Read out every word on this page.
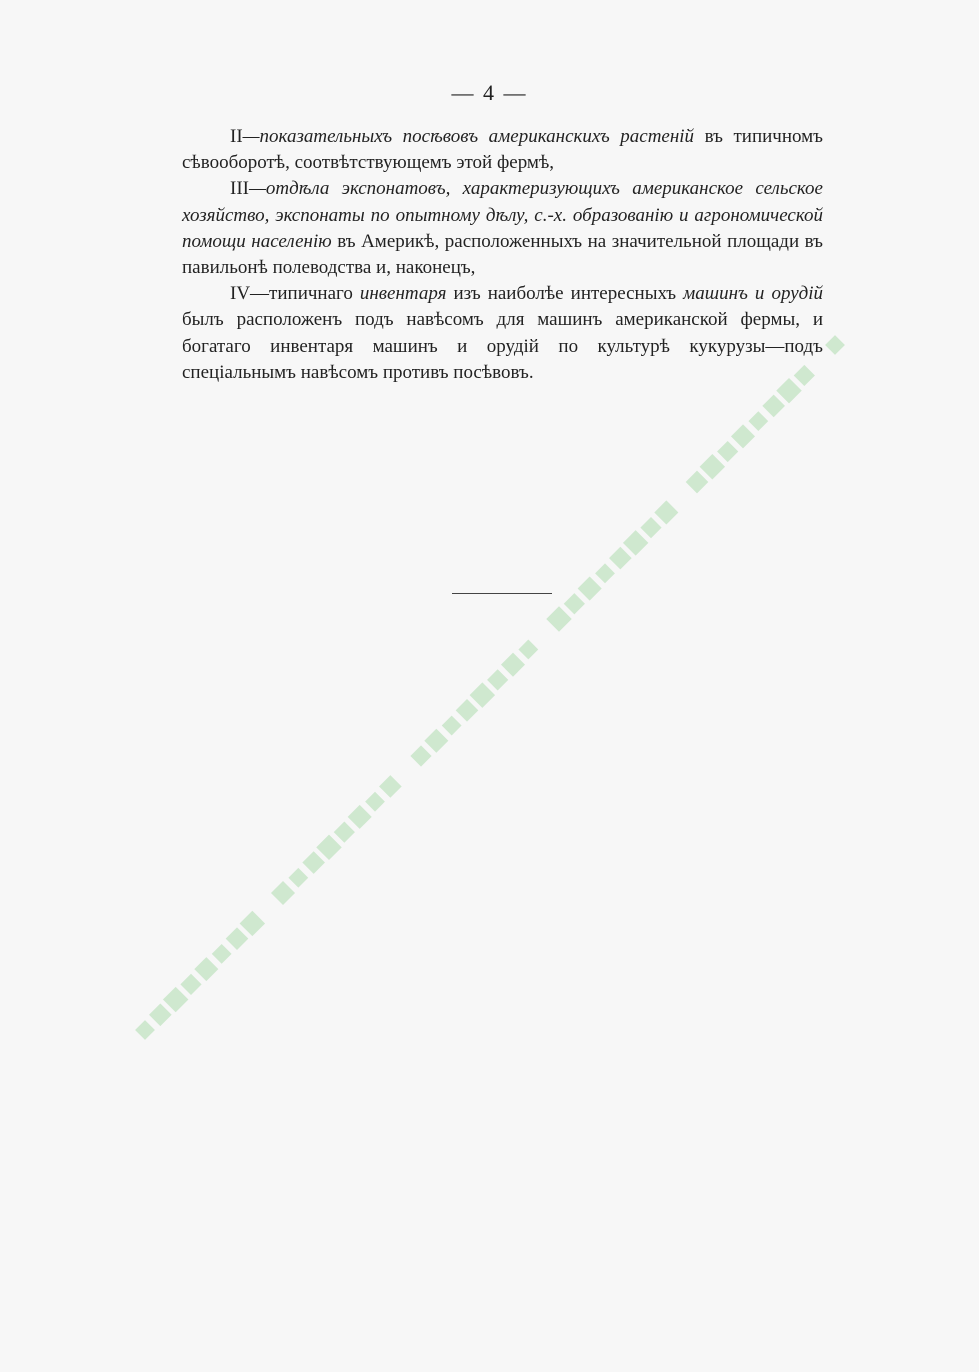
— 4 —

II—показательныхъ посѣвовъ американскихъ растеній въ типичномъ сѣвооборотѣ, соотвѣтствующемъ этой фермѣ,

III—отдѣла экспонатовъ, характеризующихъ американское сельское хозяйство, экспонаты по опытному дѣлу, с.-х. образованію и агрономической помощи населенію въ Америкѣ, расположенныхъ на значительной площади въ павильонѣ полеводства и, наконецъ,

IV—типичнаго инвентаря изъ наиболѣе интересныхъ машинъ и орудій былъ расположенъ подъ навѣсомъ для машинъ американской фермы, и богатаго инвентаря машинъ и орудій по культурѣ кукурузы—подъ спеціальнымъ навѣсомъ противъ посѣвовъ.
